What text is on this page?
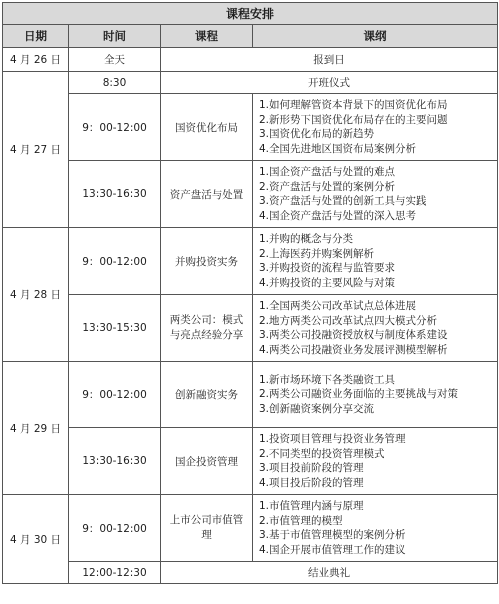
课程安排			
日期	时间	课程	课纲
4 月 26 日	全天	报到日	
4 月 27 日	8:30	开班仪式	
	9：00-12:00	国资优化布局	1.如何理解管资本背景下的国资优化布局
2.新形势下国资优化布局存在的主要问题
3.国资优化布局的新趋势
4.全国先进地区国资布局案例分析

	13:30-16:30	资产盘活与处置	1.国企资产盘活与处置的难点
2.资产盘活与处置的案例分析
3.资产盘活与处置的创新工具与实践
4.国企资产盘活与处置的深入思考

4 月 28 日	9：00-12:00	并购投资实务	1.并购的概念与分类
2.上海医药并购案例解析
3.并购投资的流程与监管要求
4.并购投资的主要风险与对策

	13:30-15:30	两类公司：模式与亮点经验分享	1.全国两类公司改革试点总体进展
2.地方两类公司改革试点四大模式分析
3.两类公司投融资授放权与制度体系建设
4.两类公司投融资业务发展评测模型解析

4 月 29 日	9：00-12:00	创新融资实务	1.新市场环境下各类融资工具
2.两类公司融资业务面临的主要挑战与对策
3.创新融资案例分享交流

	13:30-16:30	国企投资管理	1.投资项目管理与投资业务管理
2.不同类型的投资管理模式
3.项目投前阶段的管理
4.项目投后阶段的管理

4 月 30 日	9：00-12:00	上市公司市值管理	1.市值管理内涵与原理
2.市值管理的模型
3.基于市值管理模型的案例分析
4.国企开展市值管理工作的建议

	12:00-12:30	结业典礼	
